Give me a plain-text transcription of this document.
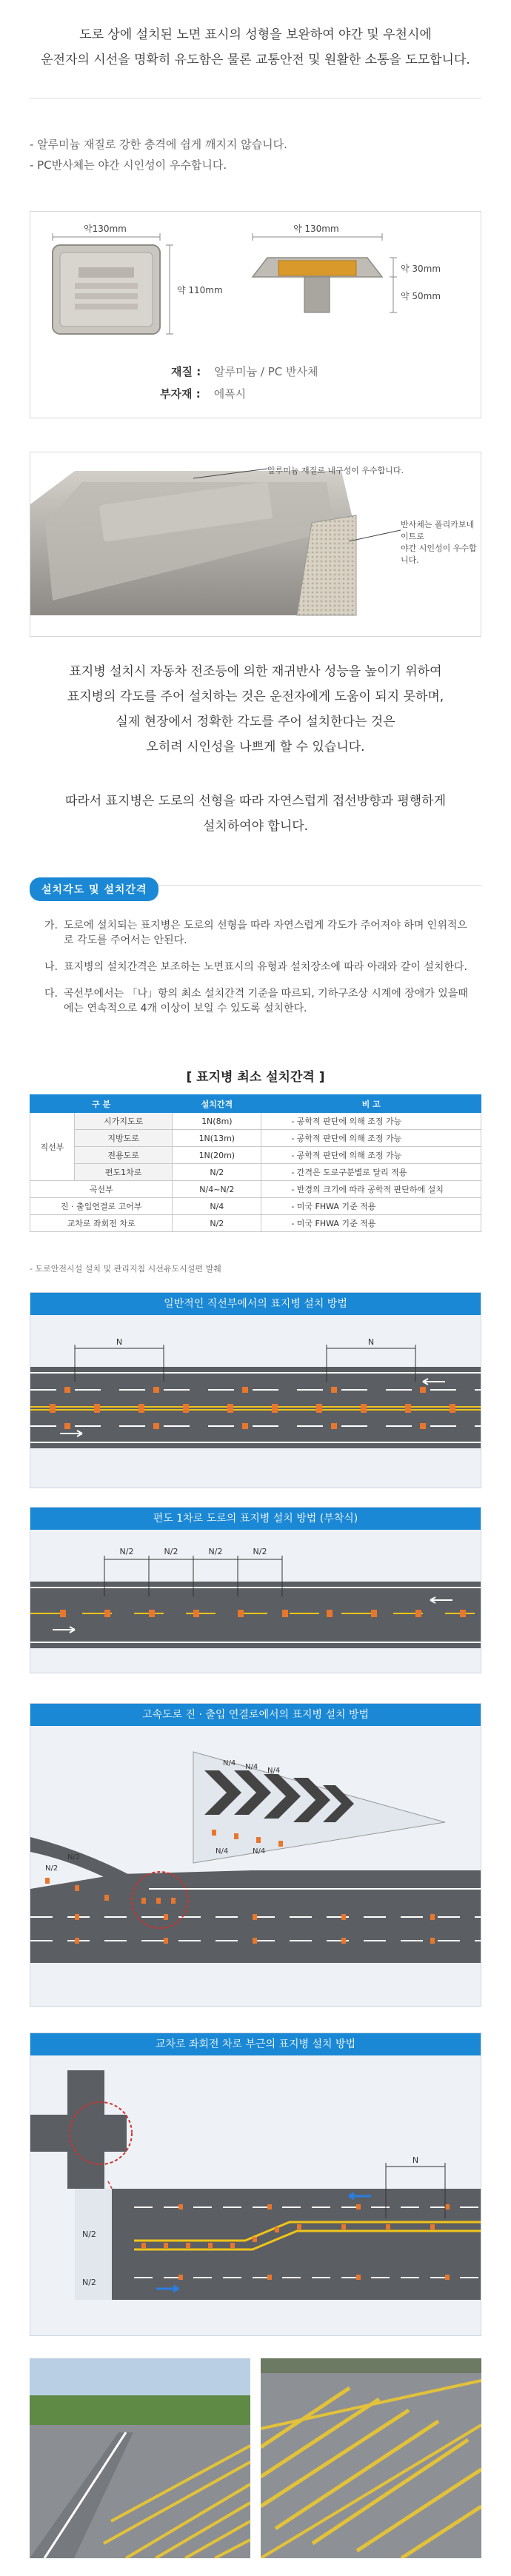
도로 상에 설치된 노면 표시의 성형을 보완하여 야간 및 우천시에
운전자의 시선을 명확히 유도함은 물론 교통안전 및 원활한 소통을 도모합니다.
- 알루미늄 재질로 강한 충격에 쉽게 깨지지 않습니다.
- PC반사체는 야간 시인성이 우수합니다.
약130mm
약 110mm
약 130mm
약 30mm
약 50mm
재질 : 알루미늄 / PC 반사체
부자재 : 에폭시
알루미늄 재질로 내구성이 우수합니다.
반사체는 폴리카보네이트로
야간 시인성이 우수합니다.
표지병 설치시 자동차 전조등에 의한 재귀반사 성능을 높이기 위하여
표지병의 각도를 주어 설치하는 것은 운전자에게 도움이 되지 못하며,
실제 현장에서 정확한 각도를 주어 설치한다는 것은
오히려 시인성을 나쁘게 할 수 있습니다.
따라서 표지병은 도로의 선형을 따라 자연스럽게 접선방향과 평행하게
설치하여야 합니다.
설치각도 및 설치간격
가. 도로에 설치되는 표지병은 도로의 선형을 따라 자연스럽게 각도가 주어져야 하며 인위적으로 각도를 주어서는 안된다.
나. 표지병의 설치간격은 보조하는 노면표시의 유형과 설치장소에 따라 아래와 같이 설치한다.
다. 곡선부에서는 「나」항의 최소 설치간격 기준을 따르되, 기하구조상 시계에 장애가 있을때에는 연속적으로 4개 이상이 보일 수 있도록 설치한다.
[ 표지병 최소 설치간격 ]
구 분		설치간격	비 고
직선부	시가지도로	1N(8m)	- 공학적 판단에 의해 조정 가능
	지방도로	1N(13m)	- 공학적 판단에 의해 조정 가능
	전용도로	1N(20m)	- 공학적 판단에 의해 조정 가능
	편도1차로	N/2	- 간격은 도로구분별로 달리 적용
곡선부		N/4~N/2	- 반경의 크기에 따라 공학적 판단하에 설치
진 · 출입연결로 고어부		N/4	- 미국 FHWA 기준 적용
교차로 좌회전 차로		N/2	- 미국 FHWA 기준 적용
- 도로안전시설 설치 및 관리지침 시선유도시설편 발췌
일반적인 직선부에서의 표지병 설치 방법
N	N
편도 1차로 도로의 표지병 설치 방법 (부착식)
N/2	N/2	N/2	N/2
고속도로 진 · 출입 연결로에서의 표지병 설치 방법
N/4 N/4 N/4
N/4	N/4
N/2
N/2
교차로 좌회전 차로 부근의 표지병 설치 방법
N
N/2
N/2
